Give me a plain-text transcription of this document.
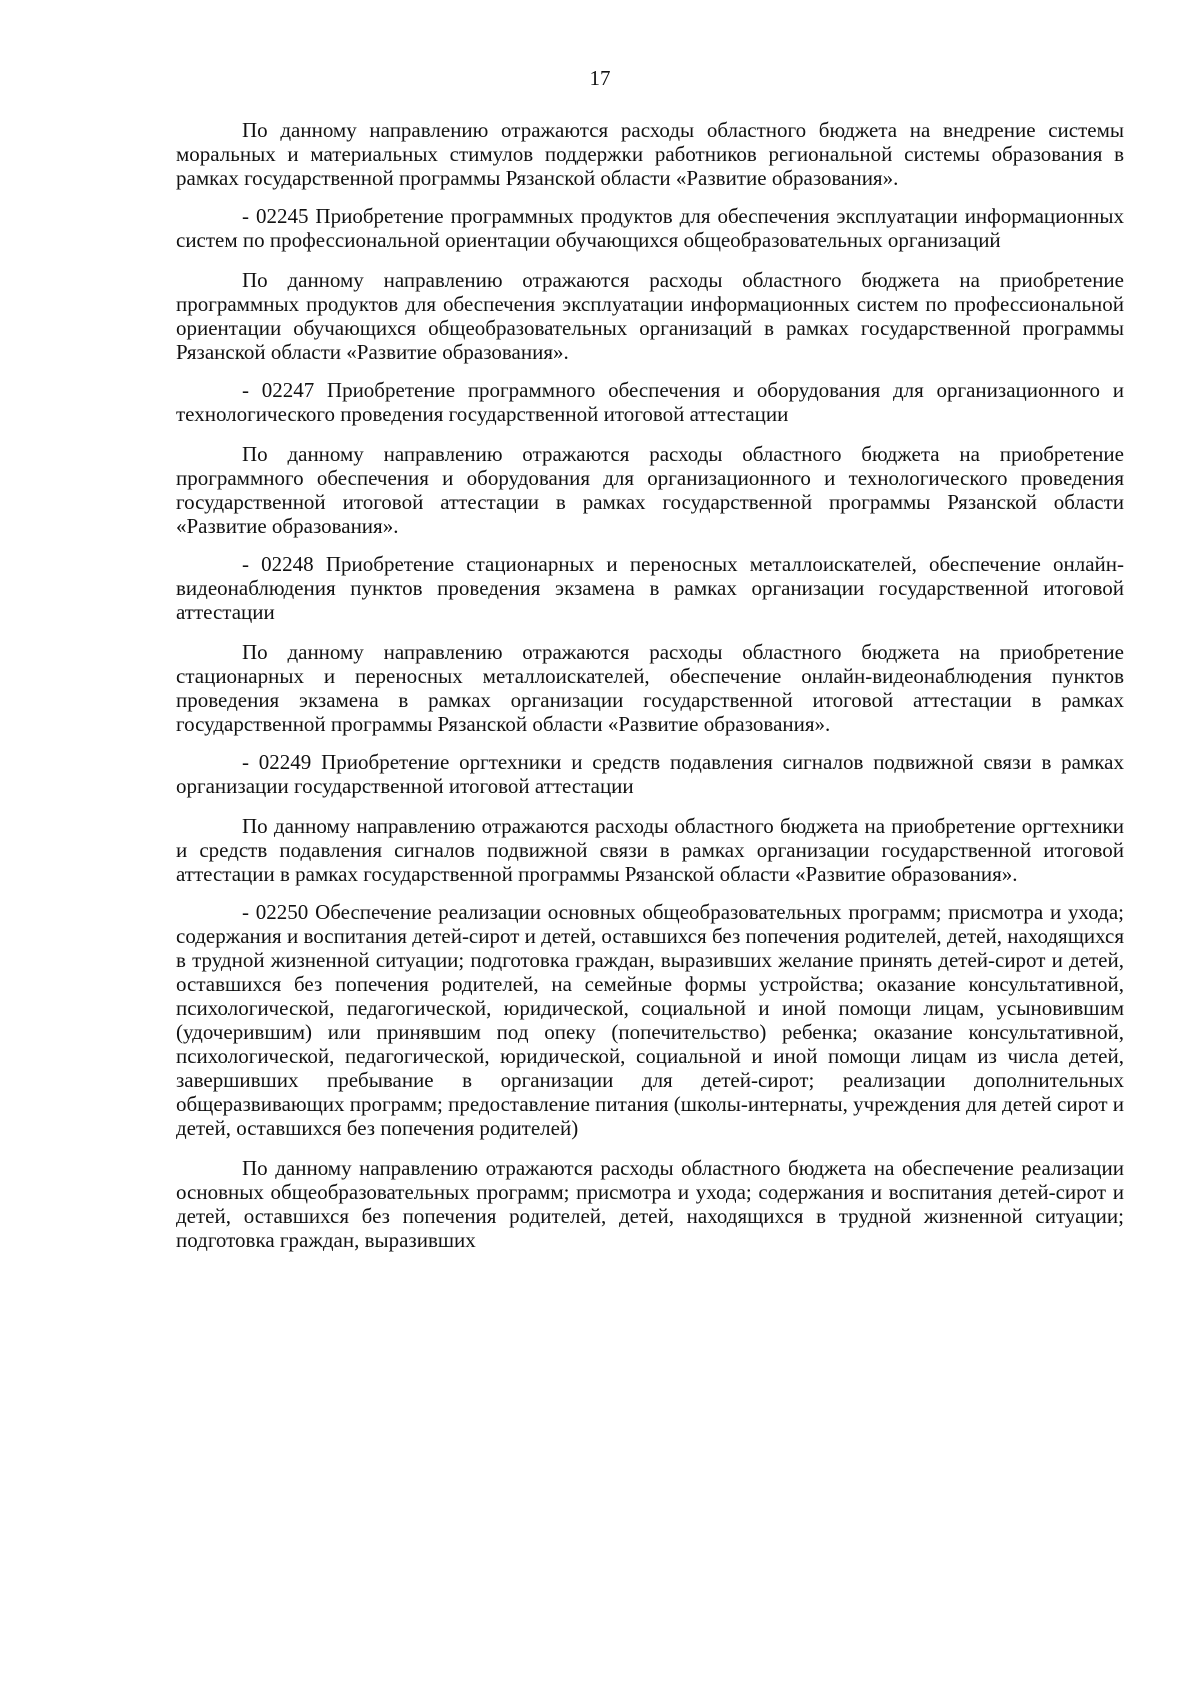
17

По данному направлению отражаются расходы областного бюджета на внедрение системы моральных и материальных стимулов поддержки работников региональной системы образования в рамках государственной программы Рязанской области «Развитие образования».

- 02245 Приобретение программных продуктов для обеспечения эксплуатации информационных систем по профессиональной ориентации обучающихся общеобразовательных организаций

По данному направлению отражаются расходы областного бюджета на приобретение программных продуктов для обеспечения эксплуатации информационных систем по профессиональной ориентации обучающихся общеобразовательных организаций в рамках государственной программы Рязанской области «Развитие образования».

- 02247 Приобретение программного обеспечения и оборудования для организационного и технологического проведения государственной итоговой аттестации

По данному направлению отражаются расходы областного бюджета на приобретение программного обеспечения и оборудования для организационного и технологического проведения государственной итоговой аттестации в рамках государственной программы Рязанской области «Развитие образования».

- 02248 Приобретение стационарных и переносных металлоискателей, обеспечение онлайн-видеонаблюдения пунктов проведения экзамена в рамках организации государственной итоговой аттестации

По данному направлению отражаются расходы областного бюджета на приобретение стационарных и переносных металлоискателей, обеспечение онлайн-видеонаблюдения пунктов проведения экзамена в рамках организации государственной итоговой аттестации в рамках государственной программы Рязанской области «Развитие образования».

- 02249 Приобретение оргтехники и средств подавления сигналов подвижной связи в рамках организации государственной итоговой аттестации

По данному направлению отражаются расходы областного бюджета на приобретение оргтехники и средств подавления сигналов подвижной связи в рамках организации государственной итоговой аттестации в рамках государственной программы Рязанской области «Развитие образования».

- 02250 Обеспечение реализации основных общеобразовательных программ; присмотра и ухода; содержания и воспитания детей-сирот и детей, оставшихся без попечения родителей, детей, находящихся в трудной жизненной ситуации; подготовка граждан, выразивших желание принять детей-сирот и детей, оставшихся без попечения родителей, на семейные формы устройства; оказание консультативной, психологической, педагогической, юридической, социальной и иной помощи лицам, усыновившим (удочерившим) или принявшим под опеку (попечительство) ребенка; оказание консультативной, психологической, педагогической, юридической, социальной и иной помощи лицам из числа детей, завершивших пребывание в организации для детей-сирот; реализации дополнительных общеразвивающих программ; предоставление питания (школы-интернаты, учреждения для детей сирот и детей, оставшихся без попечения родителей)

По данному направлению отражаются расходы областного бюджета на обеспечение реализации основных общеобразовательных программ; присмотра и ухода; содержания и воспитания детей-сирот и детей, оставшихся без попечения родителей, детей, находящихся в трудной жизненной ситуации; подготовка граждан, выразивших
